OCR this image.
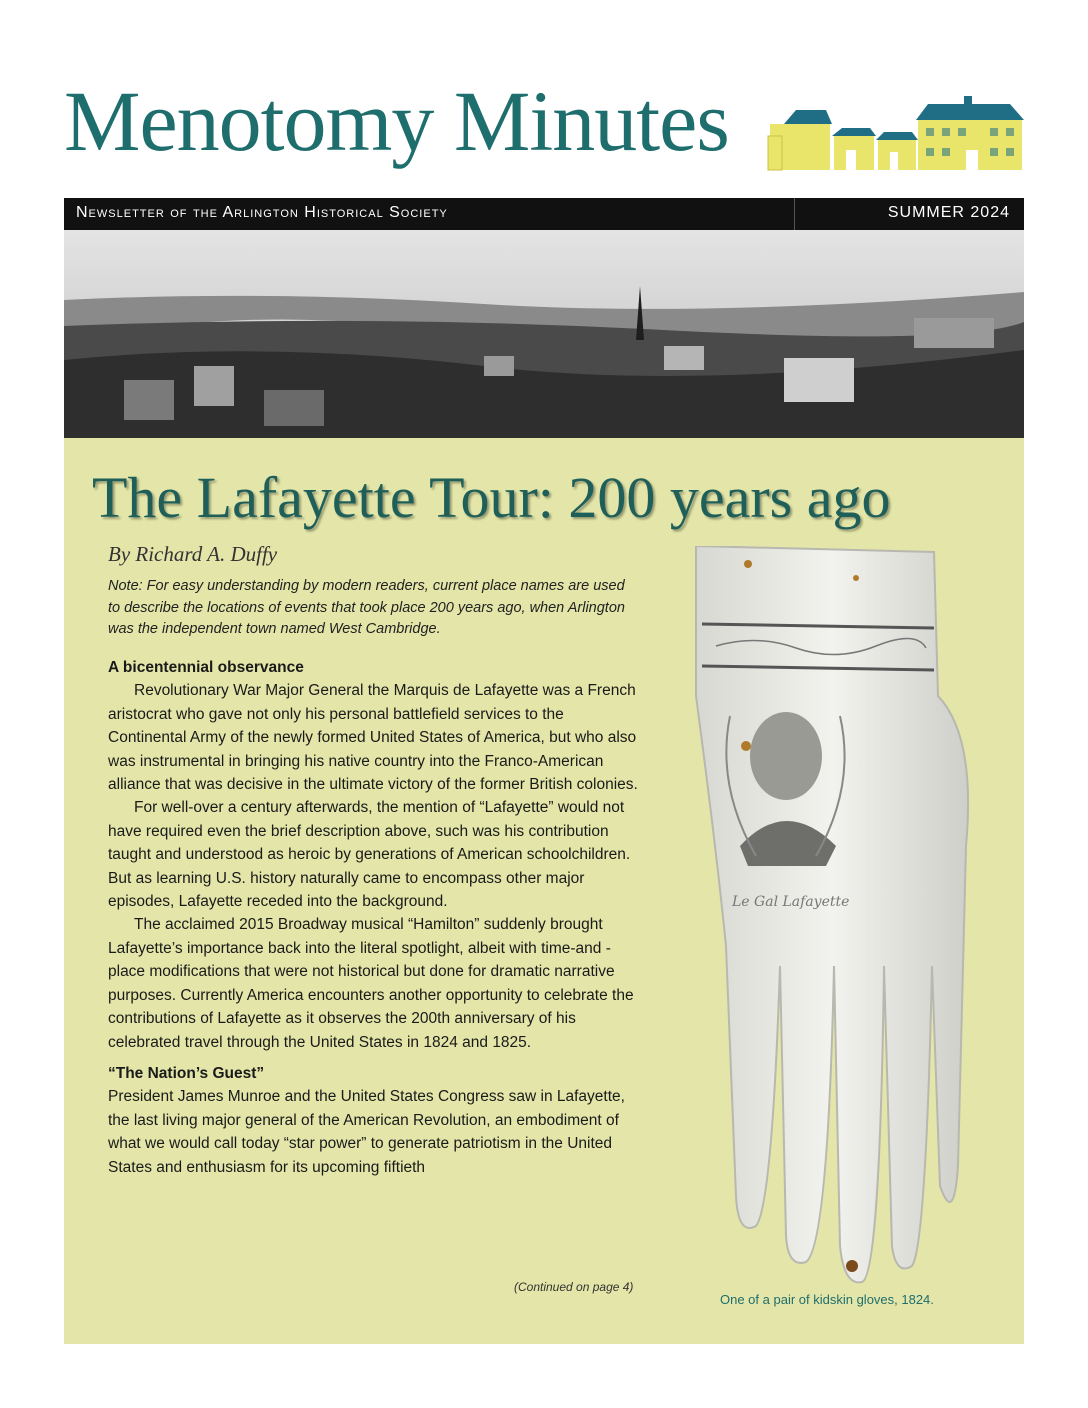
Menotomy Minutes
Newsletter of the Arlington Historical Society	SUMMER 2024
The Lafayette Tour: 200 years ago
By Richard A. Duffy

Note: For easy understanding by modern readers, current place names are used to describe the locations of events that took place 200 years ago, when Arlington was the independent town named West Cambridge.

A bicentennial observance

Revolutionary War Major General the Marquis de Lafayette was a French aristocrat who gave not only his personal battlefield services to the Continental Army of the newly formed United States of America, but who also was instrumental in bringing his native country into the Franco-American alliance that was decisive in the ultimate victory of the former British colonies.

For well-over a century afterwards, the mention of “Lafayette” would not have required even the brief description above, such was his contribution taught and understood as heroic by generations of American schoolchildren. But as learning U.S. history naturally came to encompass other major episodes, Lafayette receded into the background.

The acclaimed 2015 Broadway musical “Hamilton” suddenly brought Lafayette’s importance back into the literal spotlight, albeit with time-and -place modifications that were not historical but done for dramatic narrative purposes. Currently America encounters another opportunity to celebrate the contributions of Lafayette as it observes the 200th anniversary of his celebrated travel through the United States in 1824 and 1825.

“The Nation’s Guest”

President James Munroe and the United States Congress saw in Lafayette, the last living major general of the American Revolution, an embodiment of what we would call today “star power” to generate patriotism in the United States and enthusiasm for its upcoming fiftieth

(Continued on page 4)
Le Gal Lafayette
One of a pair of kidskin gloves, 1824.
